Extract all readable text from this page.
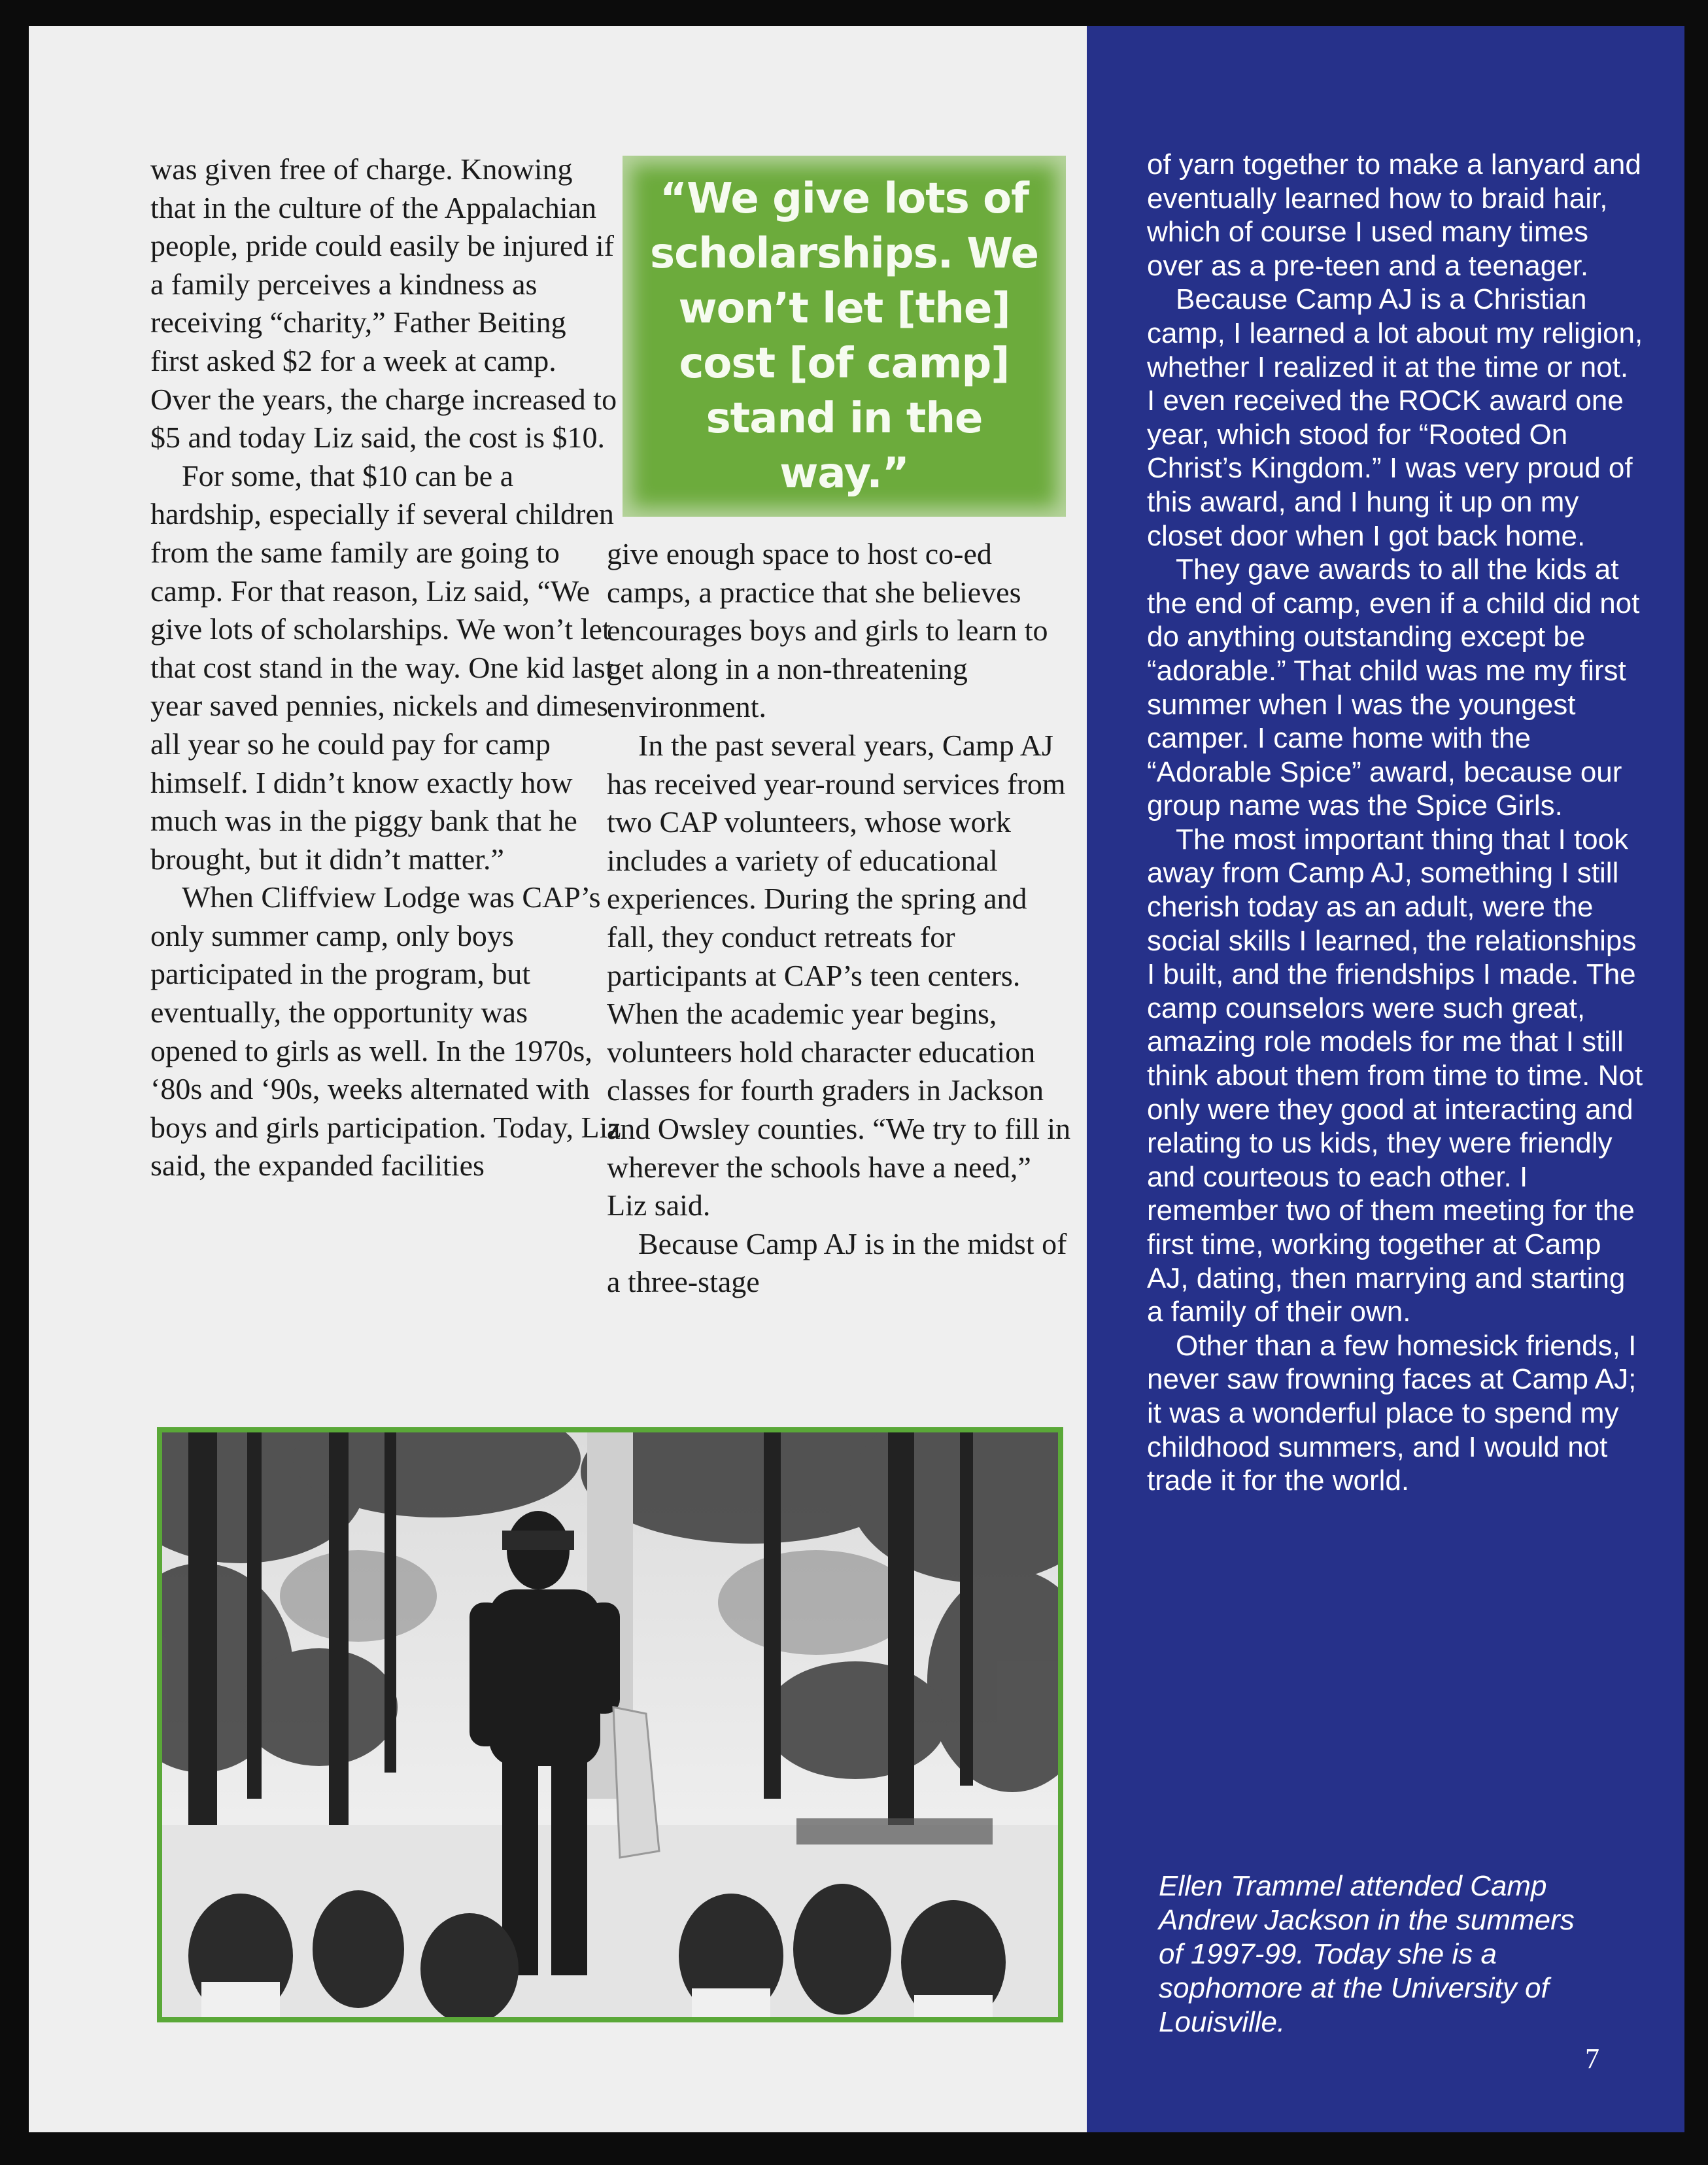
was given free of charge. Knowing that in the culture of the Appalachian people, pride could easily be injured if a family perceives a kindness as receiving “charity,” Father Beiting first asked $2 for a week at camp. Over the years, the charge increased to $5 and today Liz said, the cost is $10.

For some, that $10 can be a hardship, especially if several children from the same family are going to camp. For that reason, Liz said, “We give lots of scholarships. We won’t let that cost stand in the way. One kid last year saved pennies, nickels and dimes all year so he could pay for camp himself. I didn’t know exactly how much was in the piggy bank that he brought, but it didn’t matter.”

When Cliffview Lodge was CAP’s only summer camp, only boys participated in the program, but eventually, the opportunity was opened to girls as well. In the 1970s, ‘80s and ‘90s, weeks alternated with boys and girls participation. Today, Liz said, the expanded facilities

“We give lots of scholarships. We won’t let [the] cost [of camp] stand in the way.”

give enough space to host co-ed camps, a practice that she believes encourages boys and girls to learn to get along in a non-threatening environment.

In the past several years, Camp AJ has received year-round services from two CAP volunteers, whose work includes a variety of educational experiences. During the spring and fall, they conduct retreats for participants at CAP’s teen centers. When the academic year begins, volunteers hold character education classes for fourth graders in Jackson and Owsley counties. “We try to fill in wherever the schools have a need,” Liz said.

Because Camp AJ is in the midst of a three-stage

of yarn together to make a lanyard and eventually learned how to braid hair, which of course I used many times over as a pre-teen and a teenager.

Because Camp AJ is a Christian camp, I learned a lot about my religion, whether I realized it at the time or not. I even received the ROCK award one year, which stood for “Rooted On Christ’s Kingdom.” I was very proud of this award, and I hung it up on my closet door when I got back home.

They gave awards to all the kids at the end of camp, even if a child did not do anything outstanding except be “adorable.” That child was me my first summer when I was the youngest camper. I came home with the “Adorable Spice” award, because our group name was the Spice Girls.

The most important thing that I took away from Camp AJ, something I still cherish today as an adult, were the social skills I learned, the relationships I built, and the friendships I made. The camp counselors were such great, amazing role models for me that I still think about them from time to time. Not only were they good at interacting and relating to us kids, they were friendly and courteous to each other. I remember two of them meeting for the first time, working together at Camp AJ, dating, then marrying and starting a family of their own.

Other than a few homesick friends, I never saw frowning faces at Camp AJ; it was a wonderful place to spend my childhood summers, and I would not trade it for the world.

Ellen Trammel attended Camp Andrew Jackson in the summers of 1997-99. Today she is a sophomore at the University of Louisville.

7
